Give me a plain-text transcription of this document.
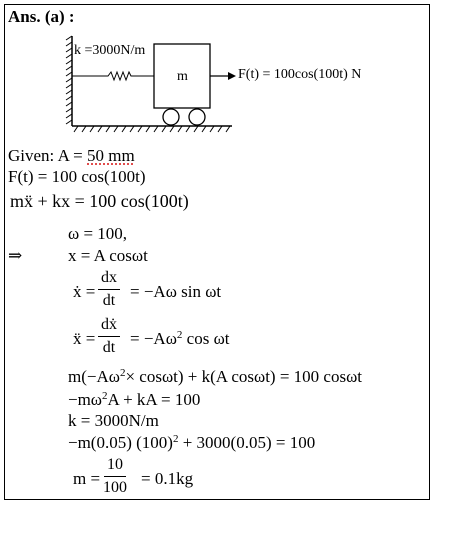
Ans. (a) :
k =3000N/m
m	F(t) = 100cos(100t) N
Given: A = 50 mm
F(t) = 100 cos(100t)
mẍ + kx = 100 cos(100t)
ω = 100,
⇒	x = A cosωt
ẋ = $\frac{dx}{dt} = -A\omega$ sin ωt
ẍ = $\frac{\text{dẋ}}{dt} = -A\omega^2$ cos ωt
$m(-A\omega^2\times \cos\omega t) + k(A$ cosωt) = 100 cosωt
$-m\omega^2A$ + kA = 100
k = 3000N/m
−m(0.05) $(100)^2 + 3000(0.05) = 100$
$m = \frac{10}{100} = 0.1kg$
